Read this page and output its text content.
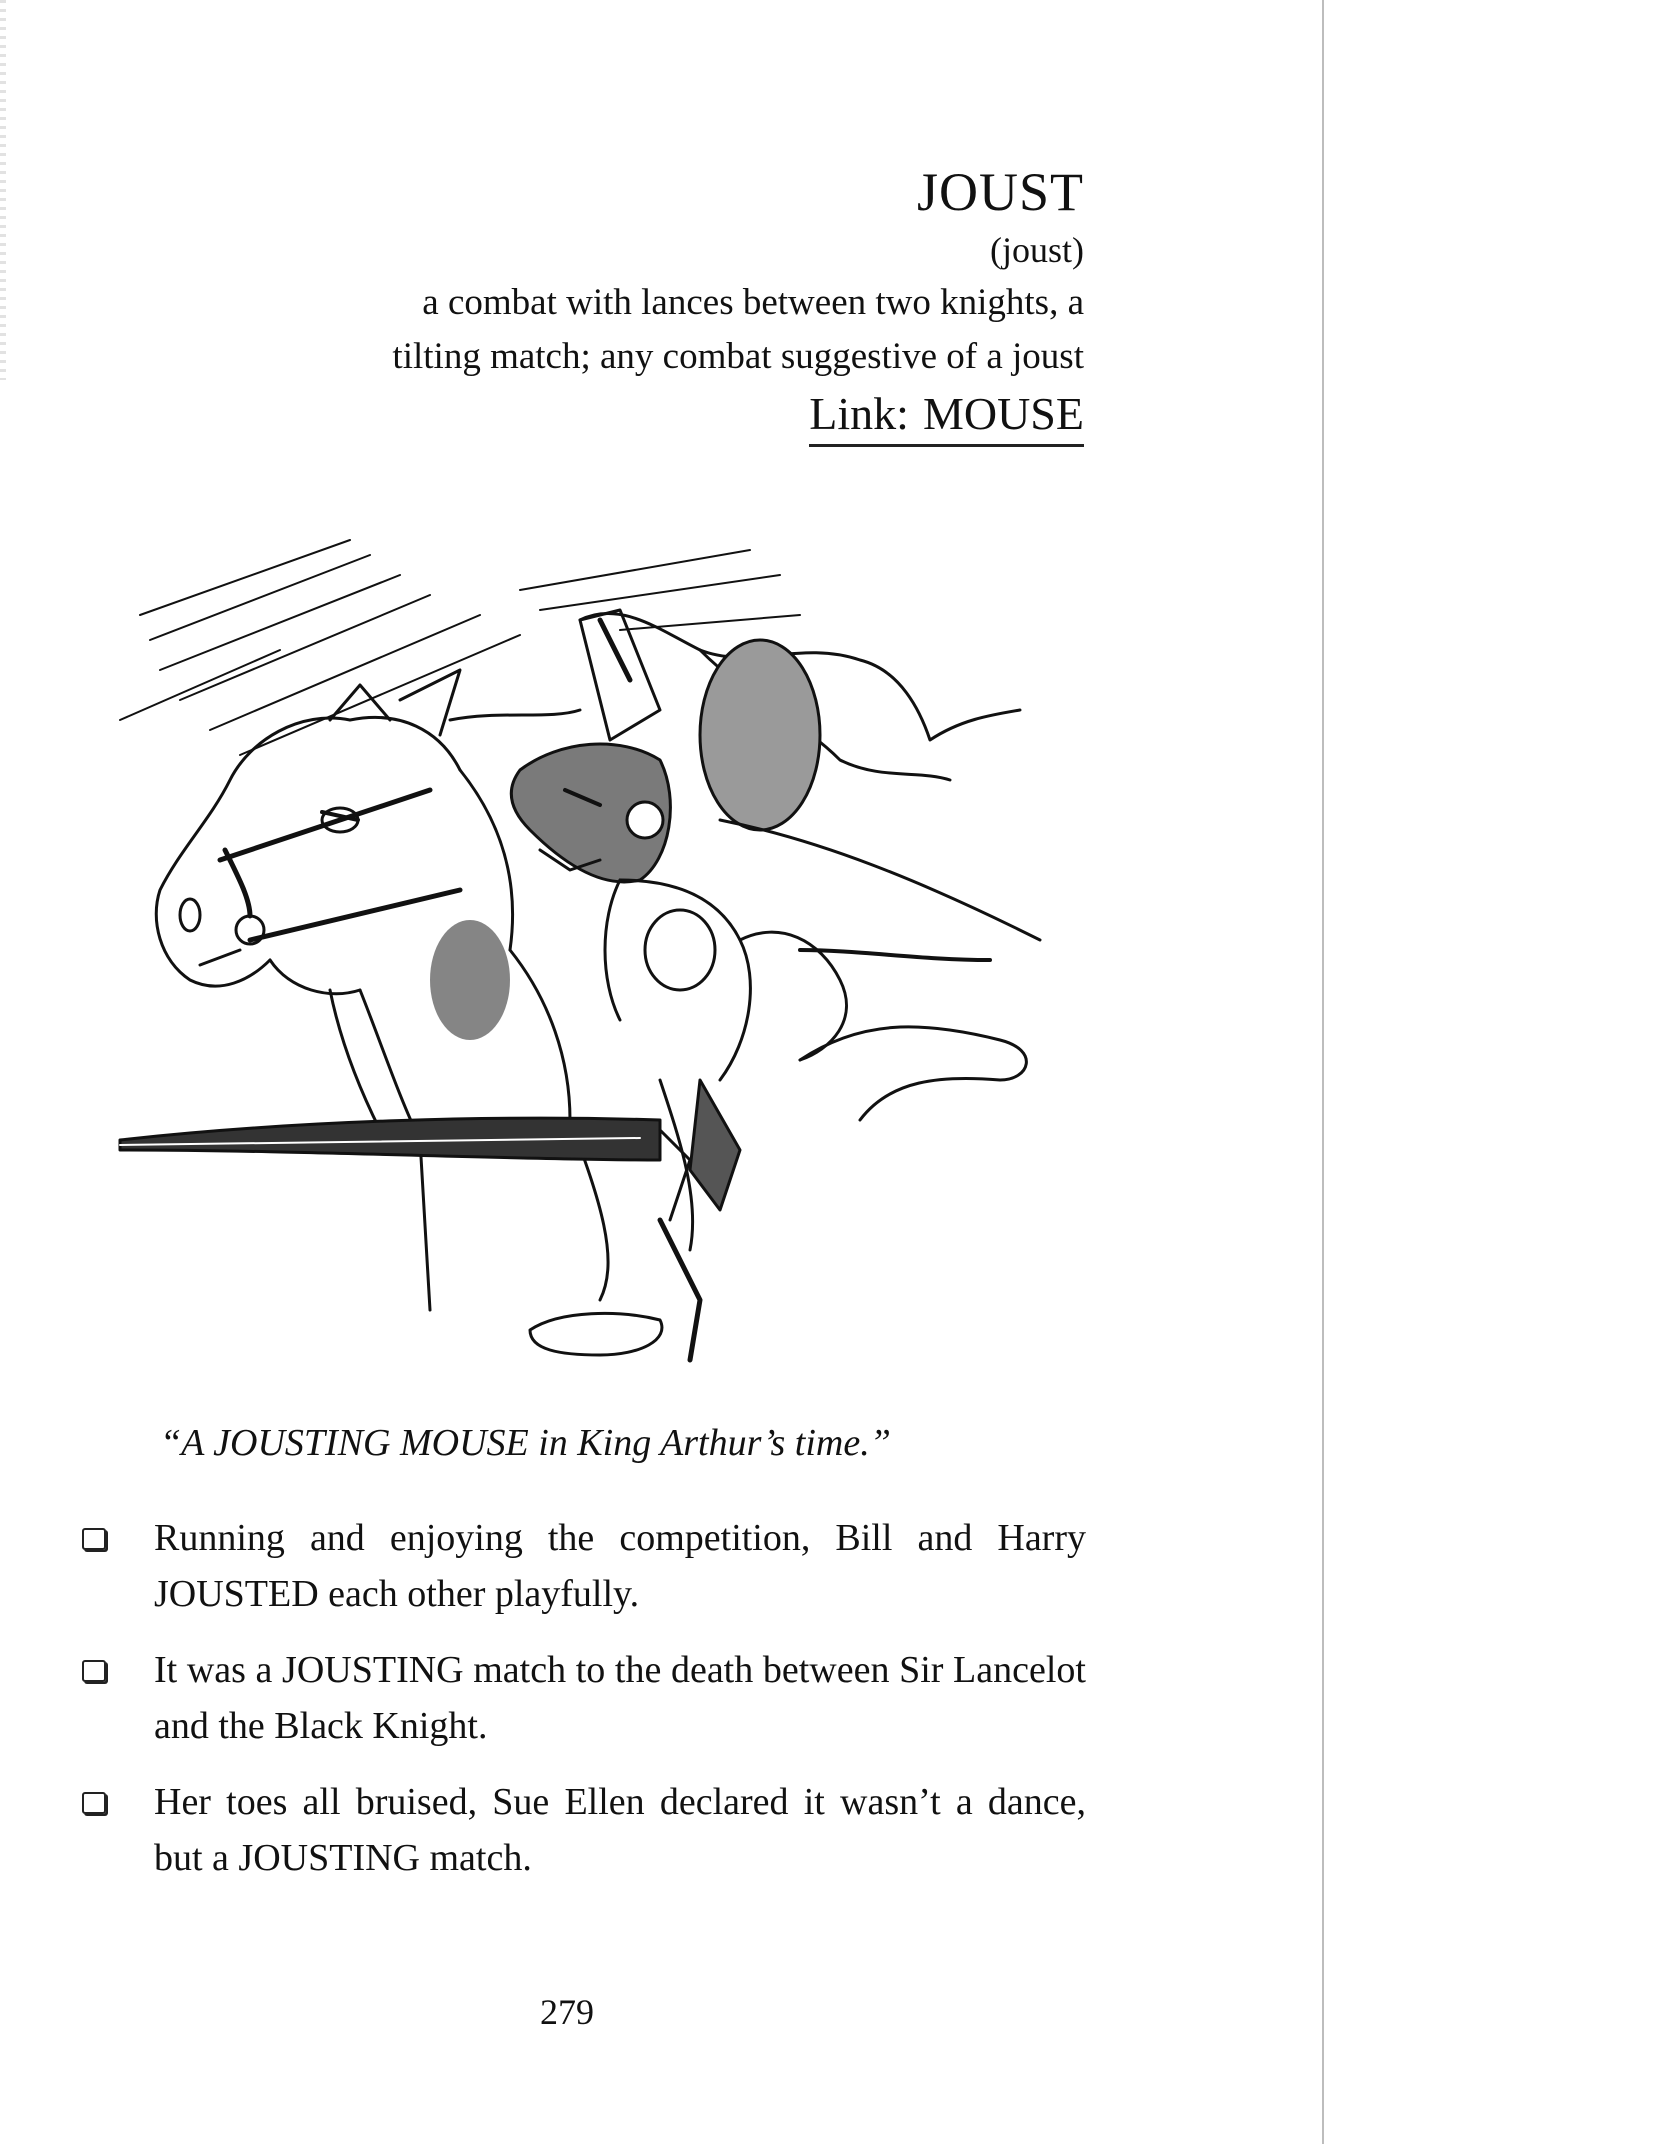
JOUST
(joust)
a combat with lances between two knights, a
tilting match; any combat suggestive of a joust
Link: MOUSE
“A JOUSTING MOUSE in King Arthur’s time.”
Running and enjoying the competition, Bill and Harry JOUSTED each other playfully.
It was a JOUSTING match to the death between Sir Lancelot and the Black Knight.
Her toes all bruised, Sue Ellen declared it wasn’t a dance, but a JOUSTING match.
279
